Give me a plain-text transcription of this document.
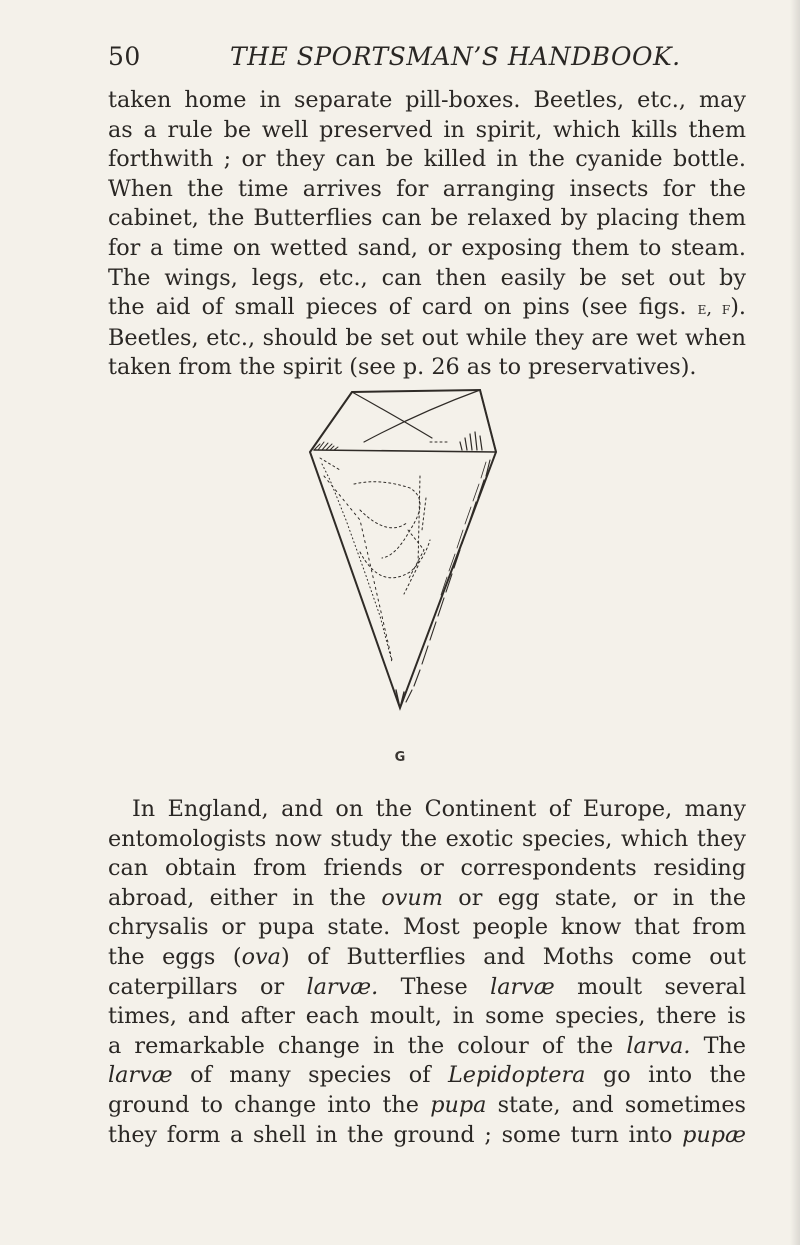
50	THE SPORTSMAN’S HANDBOOK.
taken home in separate pill-boxes. Beetles, etc., may
as a rule be well preserved in spirit, which kills them
forthwith ; or they can be killed in the cyanide bottle.
When the time arrives for arranging insects for the
cabinet, the Butterflies can be relaxed by placing them
for a time on wetted sand, or exposing them to steam.
The wings, legs, etc., can then easily be set out by
the aid of small pieces of card on pins (see figs. e, f).
Beetles, etc., should be set out while they are wet when
taken from the spirit (see p. 26 as to preservatives).
G
In England, and on the Continent of Europe, many
entomologists now study the exotic species, which they
can obtain from friends or correspondents residing
abroad, either in the ovum or egg state, or in the
chrysalis or pupa state. Most people know that from
the eggs (ova) of Butterflies and Moths come out
caterpillars or larvæ. These larvæ moult several
times, and after each moult, in some species, there is
a remarkable change in the colour of the larva. The
larvæ of many species of Lepidoptera go into the
ground to change into the pupa state, and sometimes
they form a shell in the ground ; some turn into pupæ
